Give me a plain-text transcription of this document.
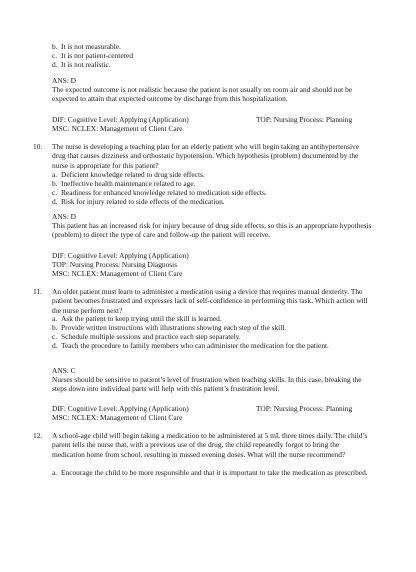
b. It is not measurable.
c. It is not patient-centered
d. It is not realistic.
ANS: D
The expected outcome is not realistic because the patient is not usually on room air and should not be expected to attain that expected outcome by discharge from this hospitalization.
DIF: Cognitive Level: Applying (Application)	TOP: Nursing Process: Planning
MSC: NCLEX: Management of Client Care
10. The nurse is developing a teaching plan for an elderly patient who will begin taking an antihypertensive drug that causes dizziness and orthostatic hypotension. Which hypothesis (problem) documented by the nurse is appropriate for this patient?
a. Deficient knowledge related to drug side effects.
b. Ineffective health maintenance related to age.
c. Readiness for enhanced knowledge related to medication side effects.
d. Risk for injury related to side effects of the medication.
ANS: D
This patient has an increased risk for injury because of drug side effects, so this is an appropriate hypothesis (problem) to direct the type of care and follow-up the patient will receive.
DIF: Cognitive Level: Applying (Application)
TOP: Nursing Process: Nursing Diagnosis
MSC: NCLEX: Management of Client Care
11. An older patient must learn to administer a medication using a device that requires manual dexterity. The patient becomes frustrated and expresses lack of self-confidence in performing this task. Which action will the nurse perform next?
a. Ask the patient to keep trying until the skill is learned.
b. Provide written instructions with illustrations showing each step of the skill.
c. Schedule multiple sessions and practice each step separately.
d. Teach the procedure to family members who can administer the medication for the patient.
ANS: C
Nurses should be sensitive to patient’s level of frustration when teaching skills. In this case, breaking the steps down into individual parts will help with this patient’s frustration level.
DIF: Cognitive Level: Applying (Application)	TOP: Nursing Process: Planning
MSC: NCLEX: Management of Client Care
12. A school-age child will begin taking a medication to be administered at 5 mL three times daily. The child’s parent tells the nurse that, with a previous use of the drug, the child repeatedly forgot to bring the medication home from school, resulting in missed evening doses. What will the nurse recommend?
a. Encourage the child to be more responsible and that it is important to take the medication as prescribed.
